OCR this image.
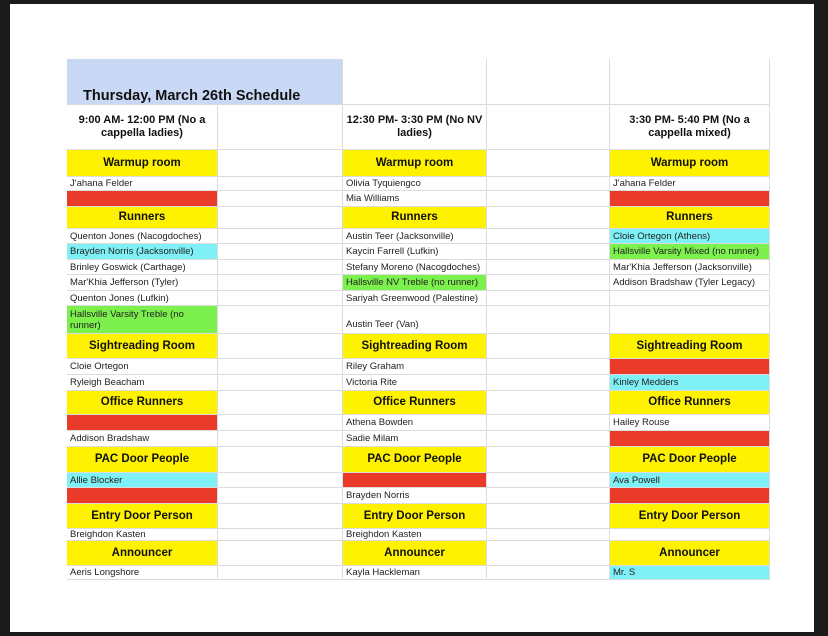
Thursday, March 26th Schedule
9:00 AM- 12:00 PM (No a cappella ladies)
Warmup room
J'ahana Felder
Runners
Quenton Jones (Nacogdoches)
Brayden Norris (Jacksonville)
Brinley Goswick (Carthage)
Mar'Khia Jefferson (Tyler)
Quenton Jones (Lufkin)
Hallsville Varsity Treble (no runner)
Sightreading Room
Cloie Ortegon
Ryleigh Beacham
Office Runners
Addison Bradshaw
PAC Door People
Allie Blocker
Entry Door Person
Breighdon Kasten
Announcer
Aeris Longshore
12:30 PM- 3:30 PM (No NV ladies)
Warmup room
Olivia Tyquiengco
Mia Williams
Runners
Austin Teer (Jacksonville)
Kaycin Farrell (Lufkin)
Stefany Moreno (Nacogdoches)
Hallsville NV Treble (no runner)
Sariyah Greenwood (Palestine)
Austin Teer (Van)
Sightreading Room
Riley Graham
Victoria Rite
Office Runners
Athena Bowden
Sadie Milam
PAC Door People
Brayden Norris
Entry Door Person
Breighdon Kasten
Announcer
Kayla Hackleman
3:30 PM- 5:40 PM (No a cappella mixed)
Warmup room
J'ahana Felder
Runners
Cloie Ortegon (Athens)
Hallsville Varsity Mixed (no runner)
Mar'Khia Jefferson (Jacksonville)
Addison Bradshaw (Tyler Legacy)
Sightreading Room
Kinley Medders
Office Runners
Hailey Rouse
PAC Door People
Ava Powell
Entry Door Person
Announcer
Mr. S
